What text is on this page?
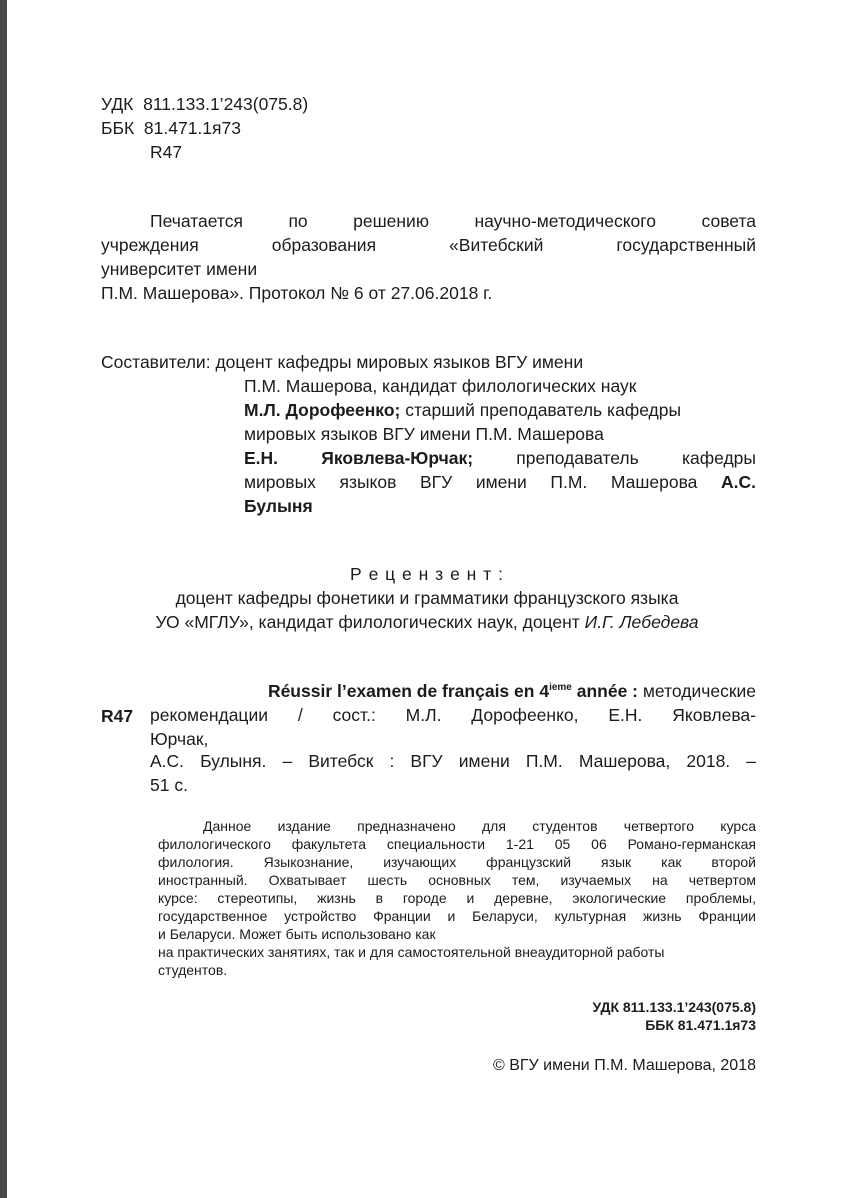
УДК 811.133.1’243(075.8)
ББК 81.471.1я73
R47
Печатается по решению научно-методического совета
учреждения образования «Витебский государственный
университет имени
П.М. Машерова». Протокол № 6 от 27.06.2018 г.
Составители: доцент кафедры мировых языков ВГУ имени
П.М. Машерова, кандидат филологических наук
М.Л. Дорофеенко; старший преподаватель кафедры
мировых языков ВГУ имени П.М. Машерова
Е.Н. Яковлева-Юрчак; преподаватель кафедры
мировых языков ВГУ имени П.М. Машерова А.С.
Булыня
Р е ц е н з е н т :
доцент кафедры фонетики и грамматики французского языка
УО «МГЛУ», кандидат филологических наук, доцент И.Г. Лебедева
R47
Réussir l’examen de français en 4ieme année : методические
рекомендации / сост.: М.Л. Дорофеенко, Е.Н. Яковлева-
Юрчак,
А.С. Булыня. – Витебск : ВГУ имени П.М. Машерова, 2018. –
51 с.
Данное издание предназначено для студентов четвертого курса
филологического факультета специальности 1-21 05 06 Романо-германская
филология. Языкознание, изучающих французский язык как второй
иностранный. Охватывает шесть основных тем, изучаемых на четвертом
курсе: стереотипы, жизнь в городе и деревне, экологические проблемы,
государственное устройство Франции и Беларуси, культурная жизнь Франции
и Беларуси. Может быть использовано как
на практических занятиях, так и для самостоятельной внеаудиторной работы
студентов.
УДК 811.133.1’243(075.8)
ББК 81.471.1я73
© ВГУ имени П.М. Машерова, 2018
